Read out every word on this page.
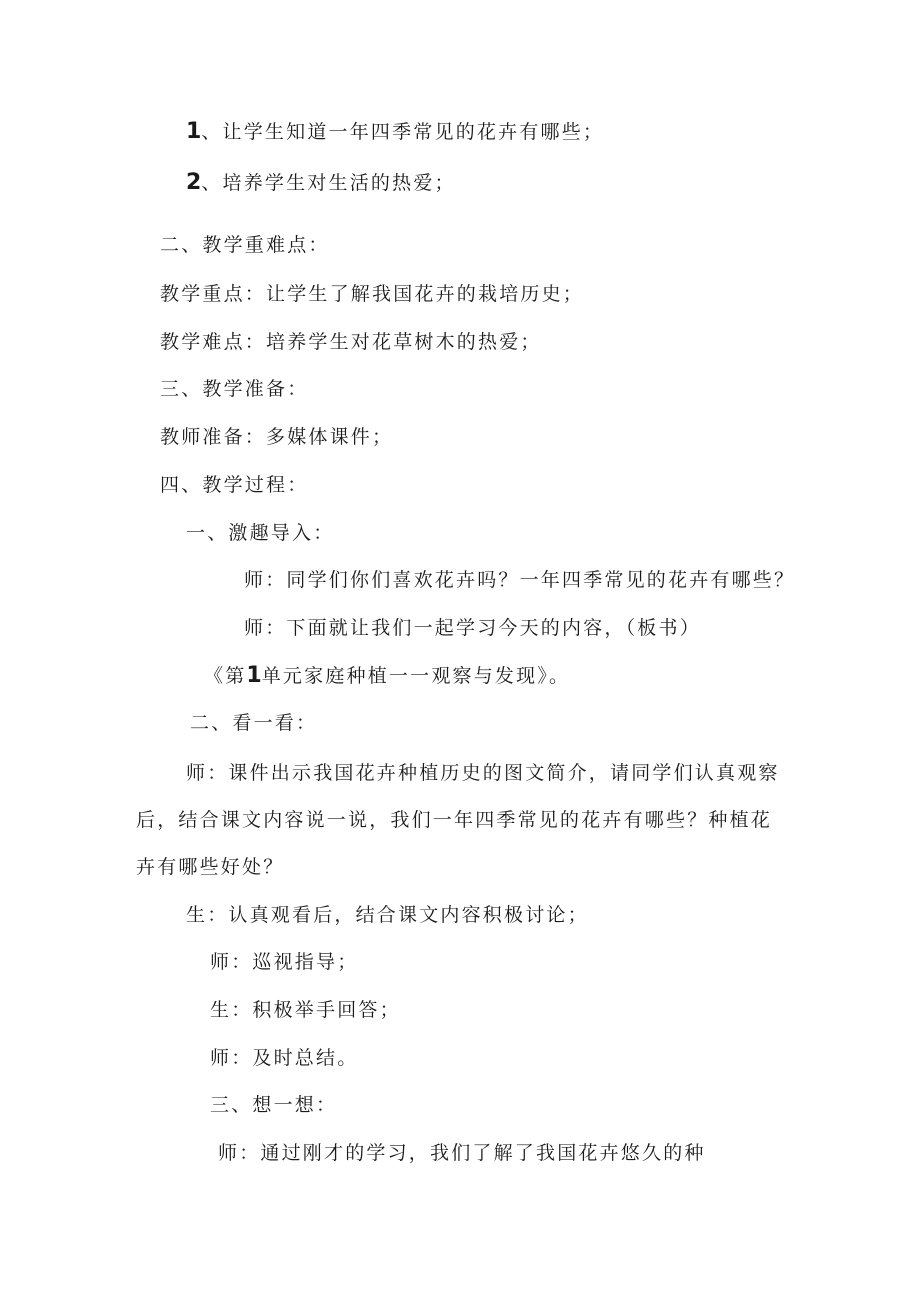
1、让学生知道一年四季常见的花卉有哪些；
2、培养学生对生活的热爱；
二、教学重难点：
教学重点：让学生了解我国花卉的栽培历史；
教学难点：培养学生对花草树木的热爱；
三、教学准备：
教师准备：多媒体课件；
四、教学过程：
一、激趣导入：
师：同学们你们喜欢花卉吗？一年四季常见的花卉有哪些？
师：下面就让我们一起学习今天的内容，（板书）
《第1单元家庭种植一一观察与发现》。
二、看一看：
师：课件出示我国花卉种植历史的图文简介，请同学们认真观察
后，结合课文内容说一说，我们一年四季常见的花卉有哪些？种植花
卉有哪些好处？
生：认真观看后，结合课文内容积极讨论；
师：巡视指导；
生：积极举手回答；
师：及时总结。
三、想一想：
师：通过刚才的学习，我们了解了我国花卉悠久的种
